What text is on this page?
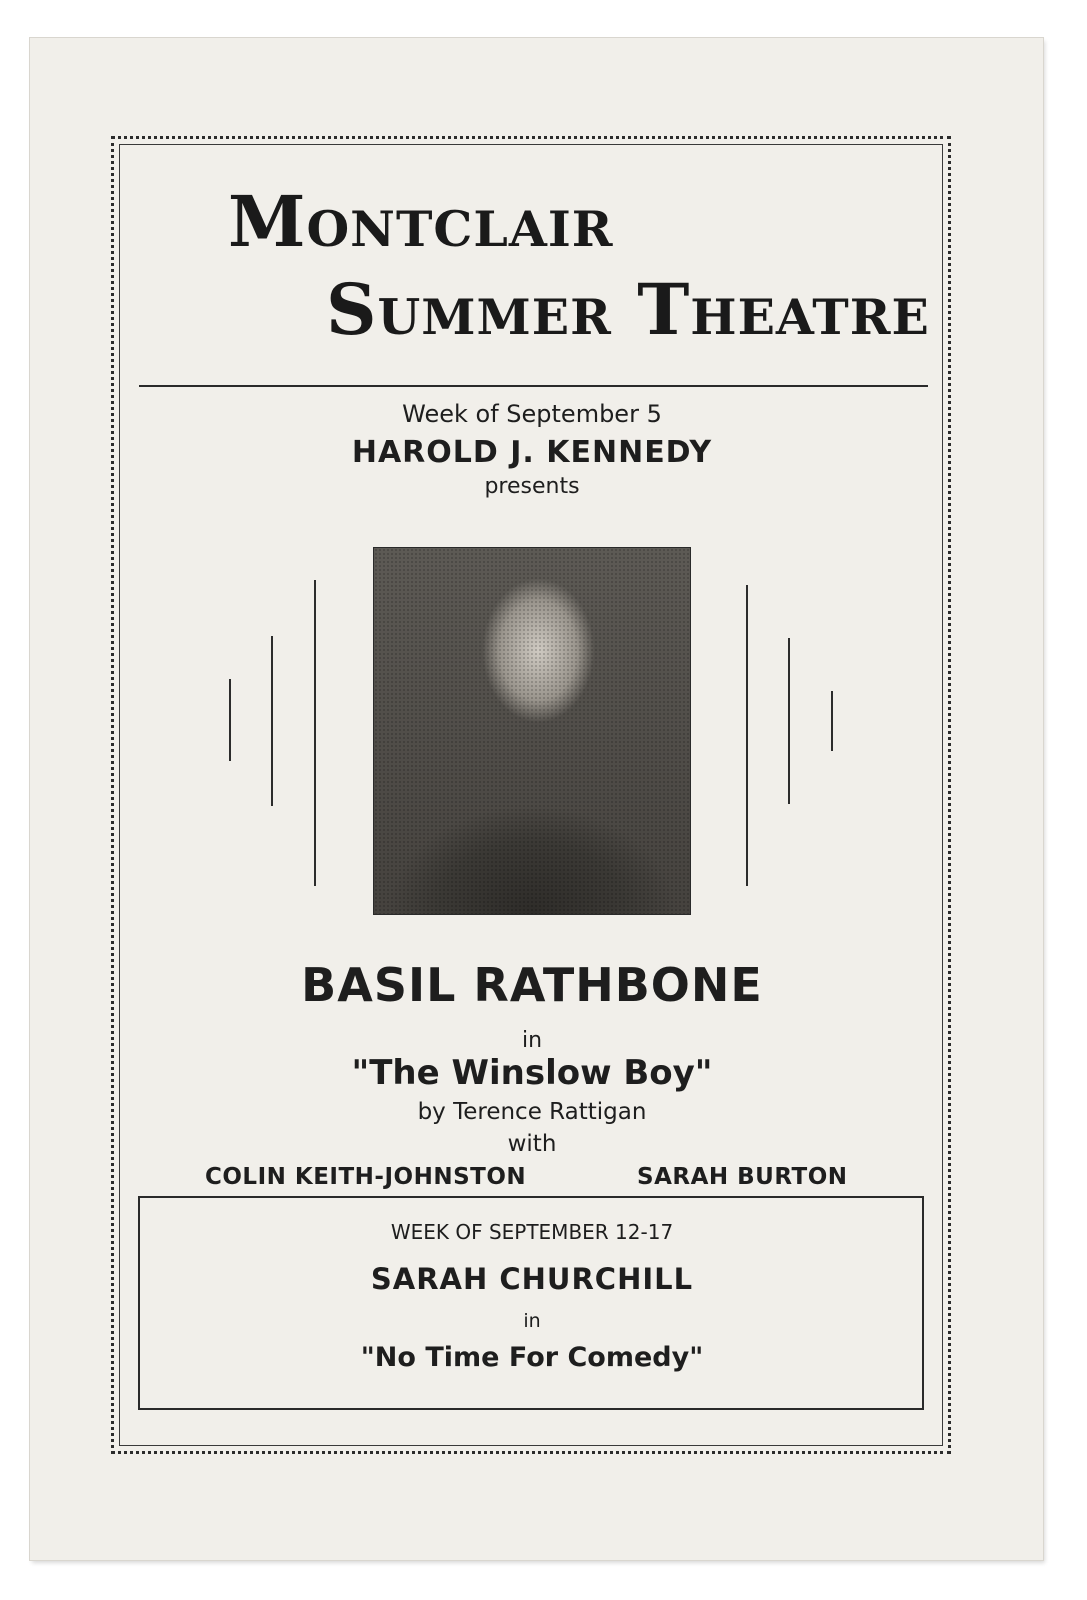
Montclair
Summer Theatre
Week of September 5
HAROLD J. KENNEDY
presents
BASIL RATHBONE
in
"The Winslow Boy"
by Terence Rattigan
with
COLIN KEITH-JOHNSTON	SARAH BURTON
WEEK OF SEPTEMBER 12-17
SARAH CHURCHILL
in
"No Time For Comedy"
